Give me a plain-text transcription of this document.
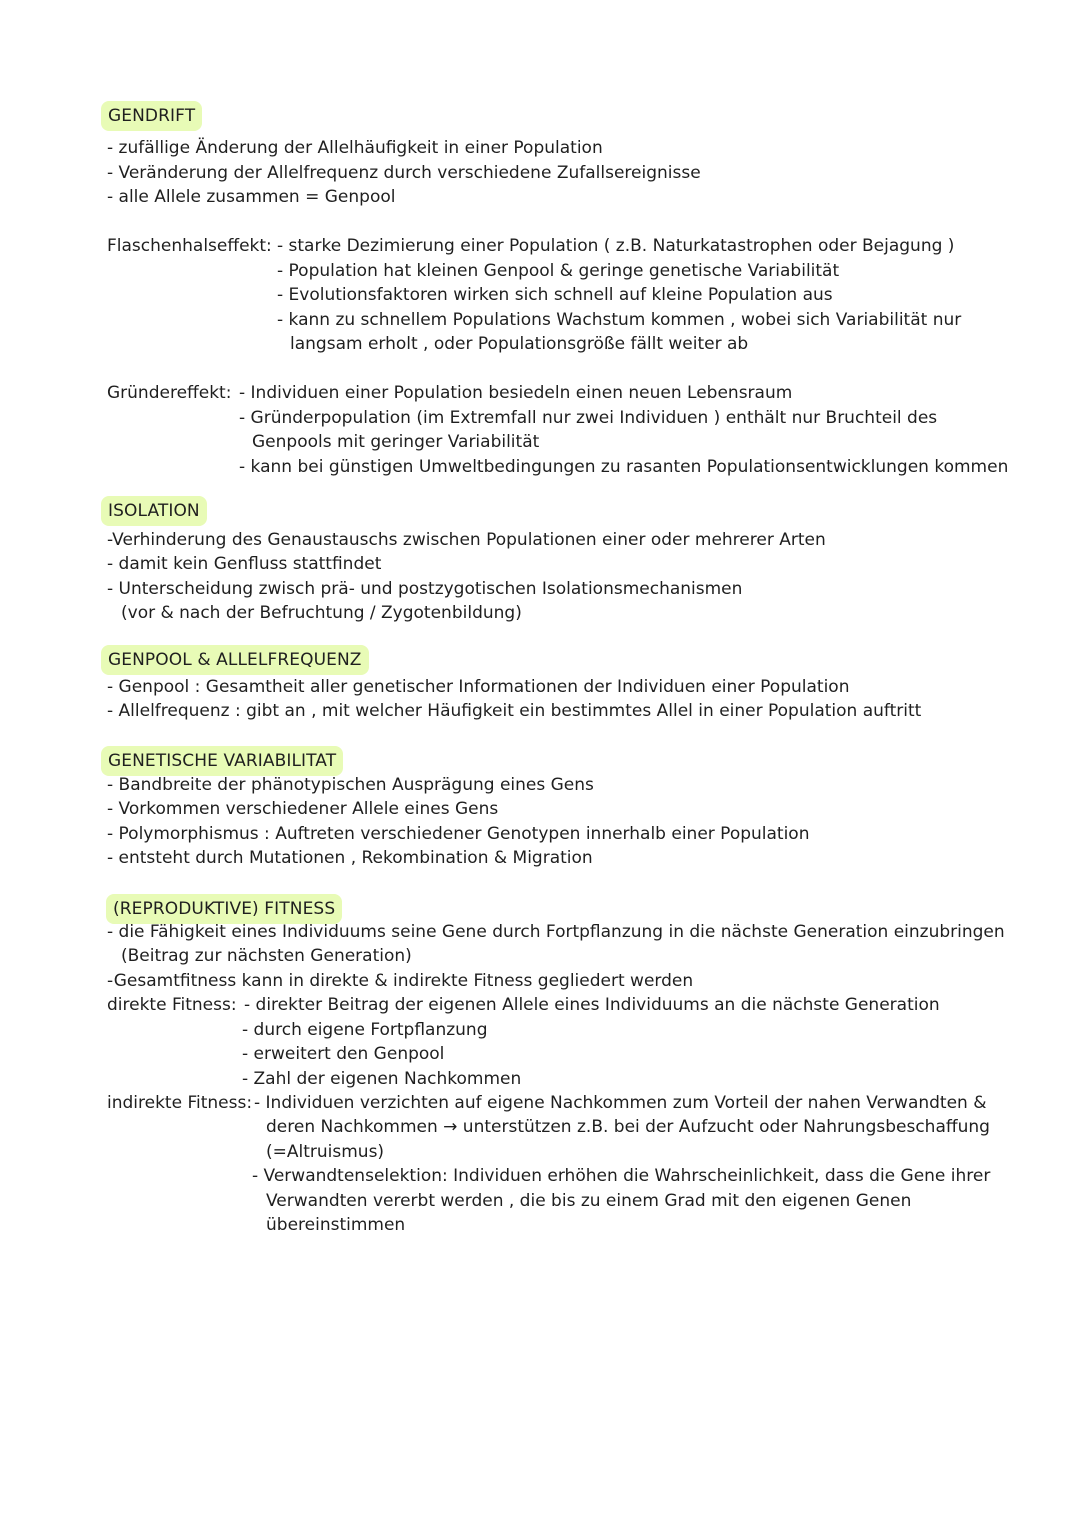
GENDRIFT
- zufällige Änderung der Allelhäufigkeit in einer Population
- Veränderung der Allelfrequenz durch verschiedene Zufallsereignisse
- alle Allele zusammen = Genpool
Flaschenhalseffekt: - starke Dezimierung einer Population ( z.B. Naturkatastrophen oder Bejagung )
- Population hat kleinen Genpool & geringe genetische Variabilität
- Evolutionsfaktoren wirken sich schnell auf kleine Population aus
- kann zu schnellem Populations Wachstum kommen , wobei sich Variabilität nur
langsam erholt , oder Populationsgröße fällt weiter ab
Gründereffekt: - Individuen einer Population besiedeln einen neuen Lebensraum
- Gründerpopulation (im Extremfall nur zwei Individuen ) enthält nur Bruchteil des
Genpools mit geringer Variabilität
- kann bei günstigen Umweltbedingungen zu rasanten Populationsentwicklungen kommen
ISOLATION
-Verhinderung des Genaustauschs zwischen Populationen einer oder mehrerer Arten
- damit kein Genfluss stattfindet
- Unterscheidung zwisch prä- und postzygotischen Isolationsmechanismen
(vor & nach der Befruchtung / Zygotenbildung)
GENPOOL & ALLELFREQUENZ
- Genpool : Gesamtheit aller genetischer Informationen der Individuen einer Population
- Allelfrequenz : gibt an , mit welcher Häufigkeit ein bestimmtes Allel in einer Population auftritt
GENETISCHE VARIABILITAT
- Bandbreite der phänotypischen Ausprägung eines Gens
- Vorkommen verschiedener Allele eines Gens
- Polymorphismus : Auftreten verschiedener Genotypen innerhalb einer Population
- entsteht durch Mutationen , Rekombination & Migration
(REPRODUKTIVE) FITNESS
- die Fähigkeit eines Individuums seine Gene durch Fortpflanzung in die nächste Generation einzubringen
(Beitrag zur nächsten Generation)
-Gesamtfitness kann in direkte & indirekte Fitness gegliedert werden
direkte Fitness: - direkter Beitrag der eigenen Allele eines Individuums an die nächste Generation
- durch eigene Fortpflanzung
- erweitert den Genpool
- Zahl der eigenen Nachkommen
indirekte Fitness: - Individuen verzichten auf eigene Nachkommen zum Vorteil der nahen Verwandten &
deren Nachkommen → unterstützen z.B. bei der Aufzucht oder Nahrungsbeschaffung
(=Altruismus)
- Verwandtenselektion: Individuen erhöhen die Wahrscheinlichkeit, dass die Gene ihrer
Verwandten vererbt werden , die bis zu einem Grad mit den eigenen Genen
übereinstimmen
